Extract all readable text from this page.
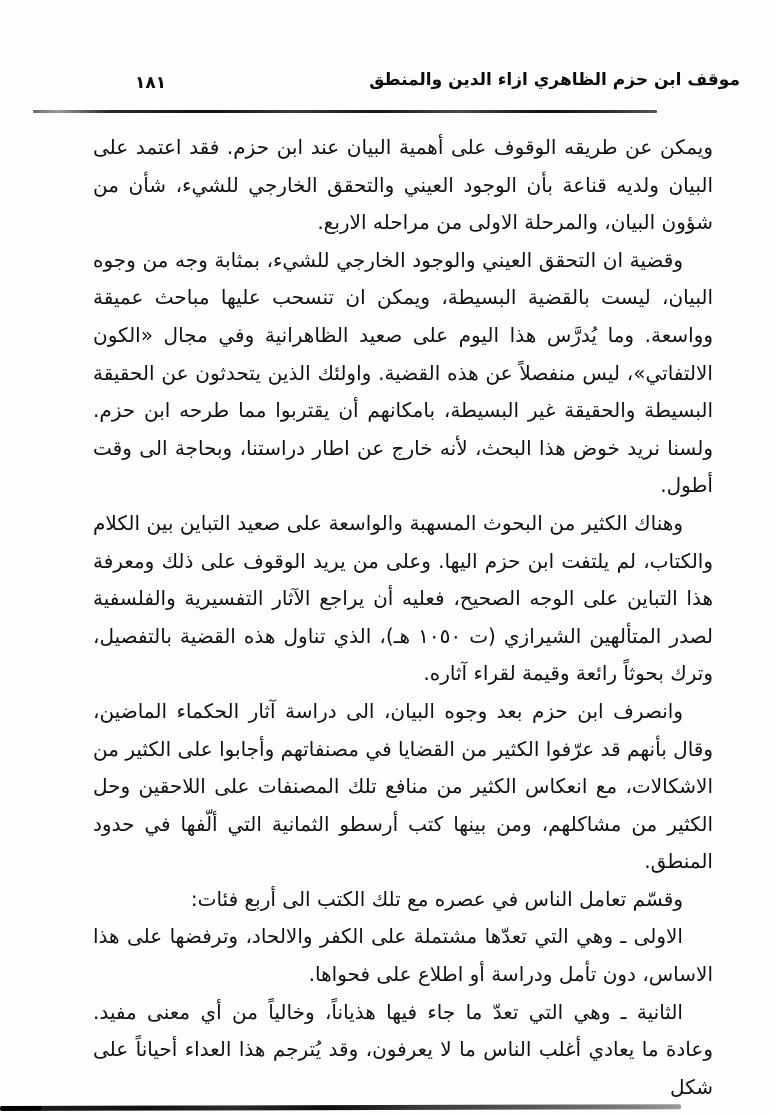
موقف ابن حزم الظاهري ازاء الدين والمنطق
١٨١

ويمكن عن طريقه الوقوف على أهمية البيان عند ابن حزم. فقد اعتمد على البيان ولديه قناعة بأن الوجود العيني والتحقق الخارجي للشيء، شأن من شؤون البيان، والمرحلة الاولى من مراحله الاربع.

وقضية ان التحقق العيني والوجود الخارجي للشيء، بمثابة وجه من وجوه البيان، ليست بالقضية البسيطة، ويمكن ان تنسحب عليها مباحث عميقة وواسعة. وما يُدرَّس هذا اليوم على صعيد الظاهرانية وفي مجال «الكون الالتفاتي»، ليس منفصلاً عن هذه القضية. واولئك الذين يتحدثون عن الحقيقة البسيطة والحقيقة غير البسيطة، بامكانهم أن يقتربوا مما طرحه ابن حزم. ولسنا نريد خوض هذا البحث، لأنه خارج عن اطار دراستنا، وبحاجة الى وقت أطول.

وهناك الكثير من البحوث المسهبة والواسعة على صعيد التباين بين الكلام والكتاب، لم يلتفت ابن حزم اليها. وعلى من يريد الوقوف على ذلك ومعرفة هذا التباين على الوجه الصحيح، فعليه أن يراجع الآثار التفسيرية والفلسفية لصدر المتألهين الشيرازي (ت ١٠٥٠ هـ)، الذي تناول هذه القضية بالتفصيل، وترك بحوثاً رائعة وقيمة لقراء آثاره.

وانصرف ابن حزم بعد وجوه البيان، الى دراسة آثار الحكماء الماضين، وقال بأنهم قد عرّفوا الكثير من القضايا في مصنفاتهم وأجابوا على الكثير من الاشكالات، مع انعكاس الكثير من منافع تلك المصنفات على اللاحقين وحل الكثير من مشاكلهم، ومن بينها كتب أرسطو الثمانية التي ألّفها في حدود المنطق.

وقسّم تعامل الناس في عصره مع تلك الكتب الى أربع فئات:

الاولى ـ وهي التي تعدّها مشتملة على الكفر والالحاد، وترفضها على هذا الاساس، دون تأمل ودراسة أو اطلاع على فحواها.

الثانية ـ وهي التي تعدّ ما جاء فيها هذياناً، وخالياً من أي معنى مفيد. وعادة ما يعادي أغلب الناس ما لا يعرفون، وقد يُترجم هذا العداء أحياناً على شكل
